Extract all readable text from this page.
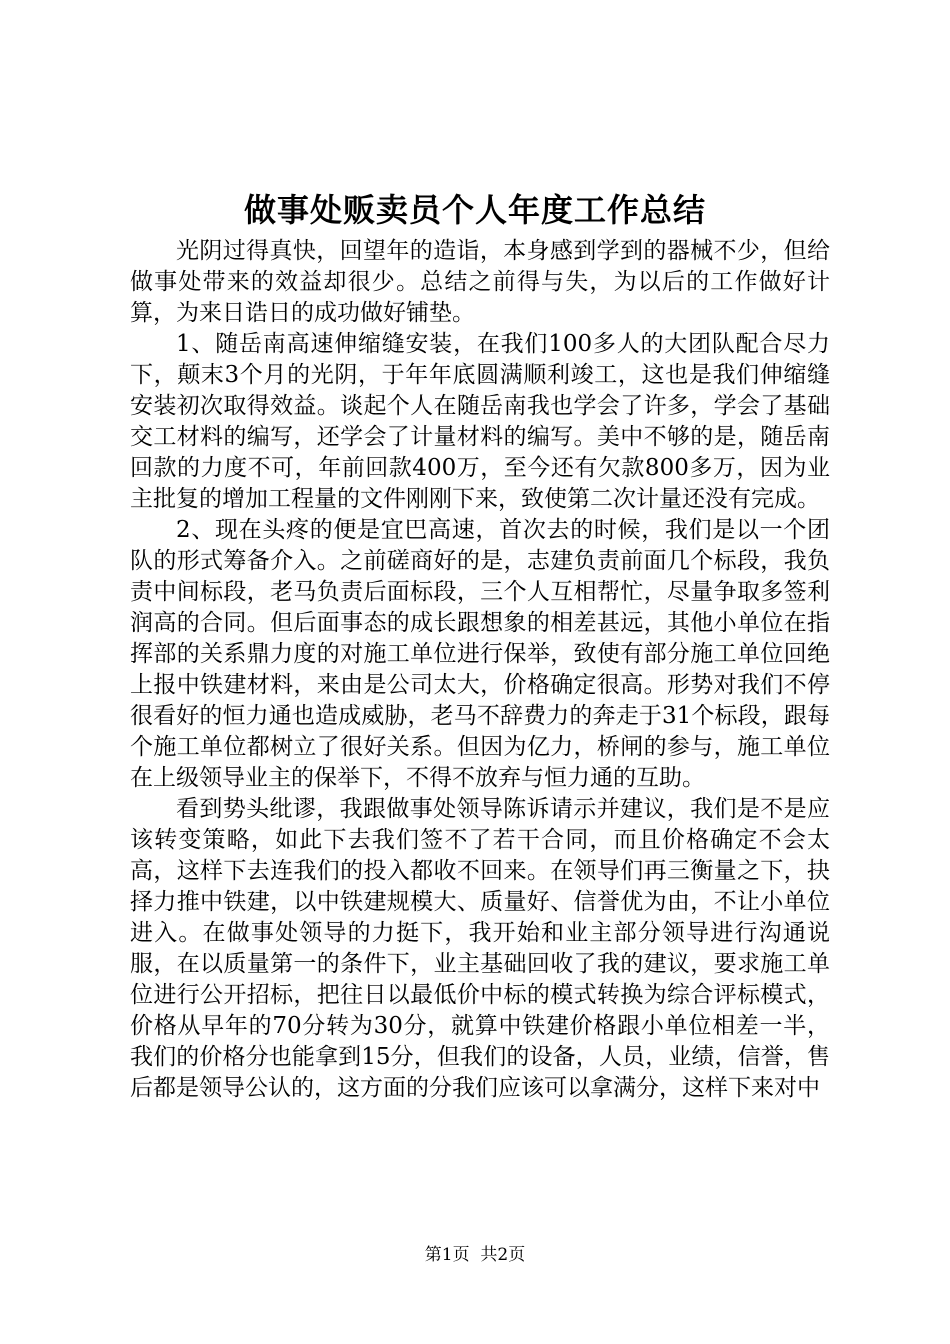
做事处贩卖员个人年度工作总结

光阴过得真快，回望年的造诣，本身感到学到的器械不少，但给做事处带来的效益却很少。总结之前得与失，为以后的工作做好计算，为来日诰日的成功做好铺垫。

1、随岳南高速伸缩缝安装，在我们100多人的大团队配合尽力下，颠末3个月的光阴，于年年底圆满顺利竣工，这也是我们伸缩缝安装初次取得效益。谈起个人在随岳南我也学会了许多，学会了基础交工材料的编写，还学会了计量材料的编写。美中不够的是，随岳南回款的力度不可，年前回款400万，至今还有欠款800多万，因为业主批复的增加工程量的文件刚刚下来，致使第二次计量还没有完成。

2、现在头疼的便是宜巴高速，首次去的时候，我们是以一个团队的形式筹备介入。之前磋商好的是，志建负责前面几个标段，我负责中间标段，老马负责后面标段，三个人互相帮忙，尽量争取多签利润高的合同。但后面事态的成长跟想象的相差甚远，其他小单位在指挥部的关系鼎力度的对施工单位进行保举，致使有部分施工单位回绝上报中铁建材料，来由是公司太大，价格确定很高。形势对我们不停很看好的恒力通也造成威胁，老马不辞费力的奔走于31个标段，跟每个施工单位都树立了很好关系。但因为亿力，桥闸的参与，施工单位在上级领导业主的保举下，不得不放弃与恒力通的互助。

看到势头纰谬，我跟做事处领导陈诉请示并建议，我们是不是应该转变策略，如此下去我们签不了若干合同，而且价格确定不会太高，这样下去连我们的投入都收不回来。在领导们再三衡量之下，抉择力推中铁建，以中铁建规模大、质量好、信誉优为由，不让小单位进入。在做事处领导的力挺下，我开始和业主部分领导进行沟通说服，在以质量第一的条件下，业主基础回收了我的建议，要求施工单位进行公开招标，把往日以最低价中标的模式转换为综合评标模式，价格从早年的70分转为30分，就算中铁建价格跟小单位相差一半，我们的价格分也能拿到15分，但我们的设备，人员，业绩，信誉，售后都是领导公认的，这方面的分我们应该可以拿满分，这样下来对中

第1页 共2页
